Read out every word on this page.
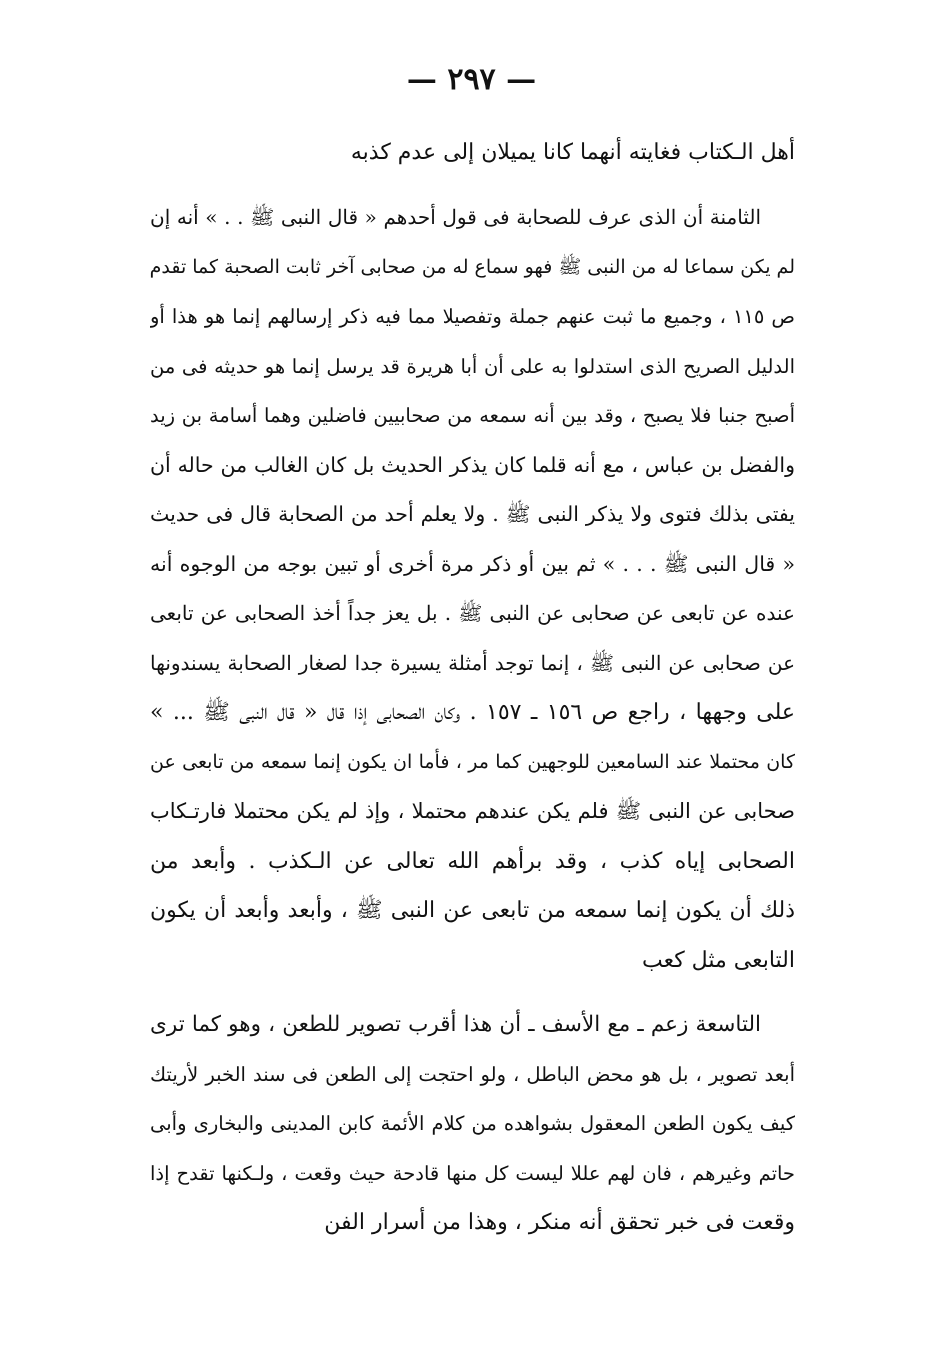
— ٢٩٧ —
أهل الـكتاب فغايته أنهما كانا يميلان إلى عدم كذبه
الثامنة أن الذى عرف للصحابة فى قول أحدهم « قال النبى ﷺ . . » أنه إن
لم يكن سماعا له من النبى ﷺ فهو سماع له من صحابى آخر ثابت الصحبة كما تقدم
ص ١١٥ ، وجميع ما ثبت عنهم جملة وتفصيلا مما فيه ذكر إرسالهم إنما هو هذا أو
الدليل الصريح الذى استدلوا به على أن أبا هريرة قد يرسل إنما هو حديثه فى من
أصبح جنبا فلا يصبح ، وقد بين أنه سمعه من صحابيين فاضلين وهما أسامة بن زيد
والفضل بن عباس ، مع أنه قلما كان يذكر الحديث بل كان الغالب من حاله أن
يفتى بذلك فتوى ولا يذكر النبى ﷺ . ولا يعلم أحد من الصحابة قال فى حديث
« قال النبى ﷺ . . . » ثم بين أو ذكر مرة أخرى أو تبين بوجه من الوجوه أنه
عنده عن تابعى عن صحابى عن النبى ﷺ . بل يعز جداً أخذ الصحابى عن تابعى
عن صحابى عن النبى ﷺ ، إنما توجد أمثلة يسيرة جدا لصغار الصحابة يسندونها
على وجهها ، راجع ص ١٥٦ ـ ١٥٧ . وكان الصحابى إذا قال « قال النبى ﷺ ... »
كان محتملا عند السامعين للوجهين كما مر ، فأما ان يكون إنما سمعه من تابعى عن
صحابى عن النبى ﷺ فلم يكن عندهم محتملا ، وإذ لم يكن محتملا فارتـكاب
الصحابى إياه كذب ، وقد برأهم الله تعالى عن الـكذب . وأبعد من
ذلك أن يكون إنما سمعه من تابعى عن النبى ﷺ ، وأبعد وأبعد أن يكون
التابعى مثل كعب
التاسعة زعم ـ مع الأسف ـ أن هذا أقرب تصوير للطعن ، وهو كما ترى
أبعد تصوير ، بل هو محض الباطل ، ولو احتجت إلى الطعن فى سند الخبر لأريتك
كيف يكون الطعن المعقول بشواهده من كلام الأئمة كابن المدينى والبخارى وأبى
حاتم وغيرهم ، فان لهم عللا ليست كل منها قادحة حيث وقعت ، ولـكنها تقدح إذا
وقعت فى خبر تحقق أنه منكر ، وهذا من أسرار الفن
